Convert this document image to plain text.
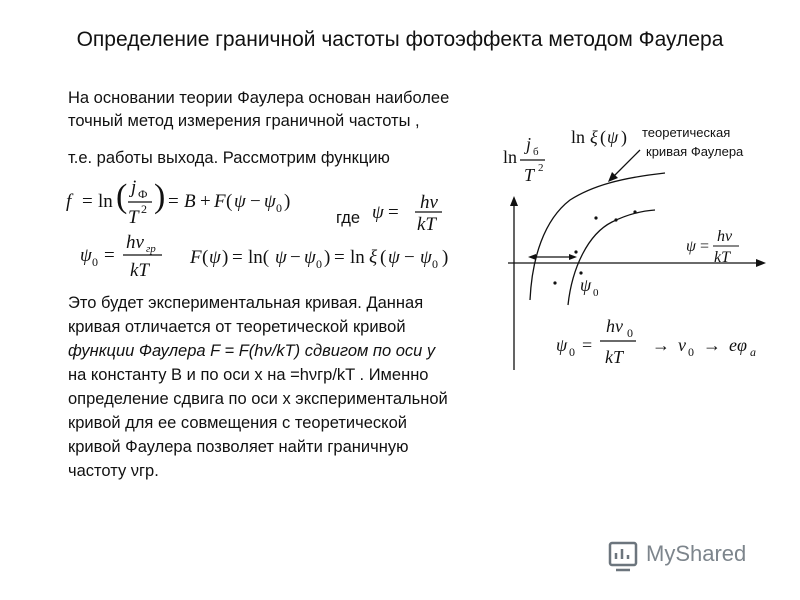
Определение граничной частоты фотоэффекта методом Фаулера
На основании теории Фаулера основан наиболее
точный метод измерения граничной частоты ,
т.е. работы выхода. Рассмотрим функцию
где
Это будет экспериментальная кривая. Данная
кривая отличается от теоретической кривой
функции Фаулера F = F(hν/kT) сдвигом по оси у
на константу В и по оси х на =hνгр/kT . Именно
определение сдвига по оси х экспериментальной
кривой для ее совмещения с теоретической
кривой Фаулера позволяет найти граничную
частоту νгр.
f = ln ( j Ф
T 2 ) = B + F ( ψ − ψ 0 )
ψ = hν
kT
ψ 0 =
hν гр
kT
F ( ψ ) = ln( ψ − ψ 0 ) = ln ξ ( ψ − ψ 0 )
ln
j б
T 2
ln ξ ( ψ )
ψ 0
ψ =
hν
kT
ψ 0 =
hν 0
kT
→ ν 0 → eφ a
теоретическая
кривая Фаулера
MyShared
